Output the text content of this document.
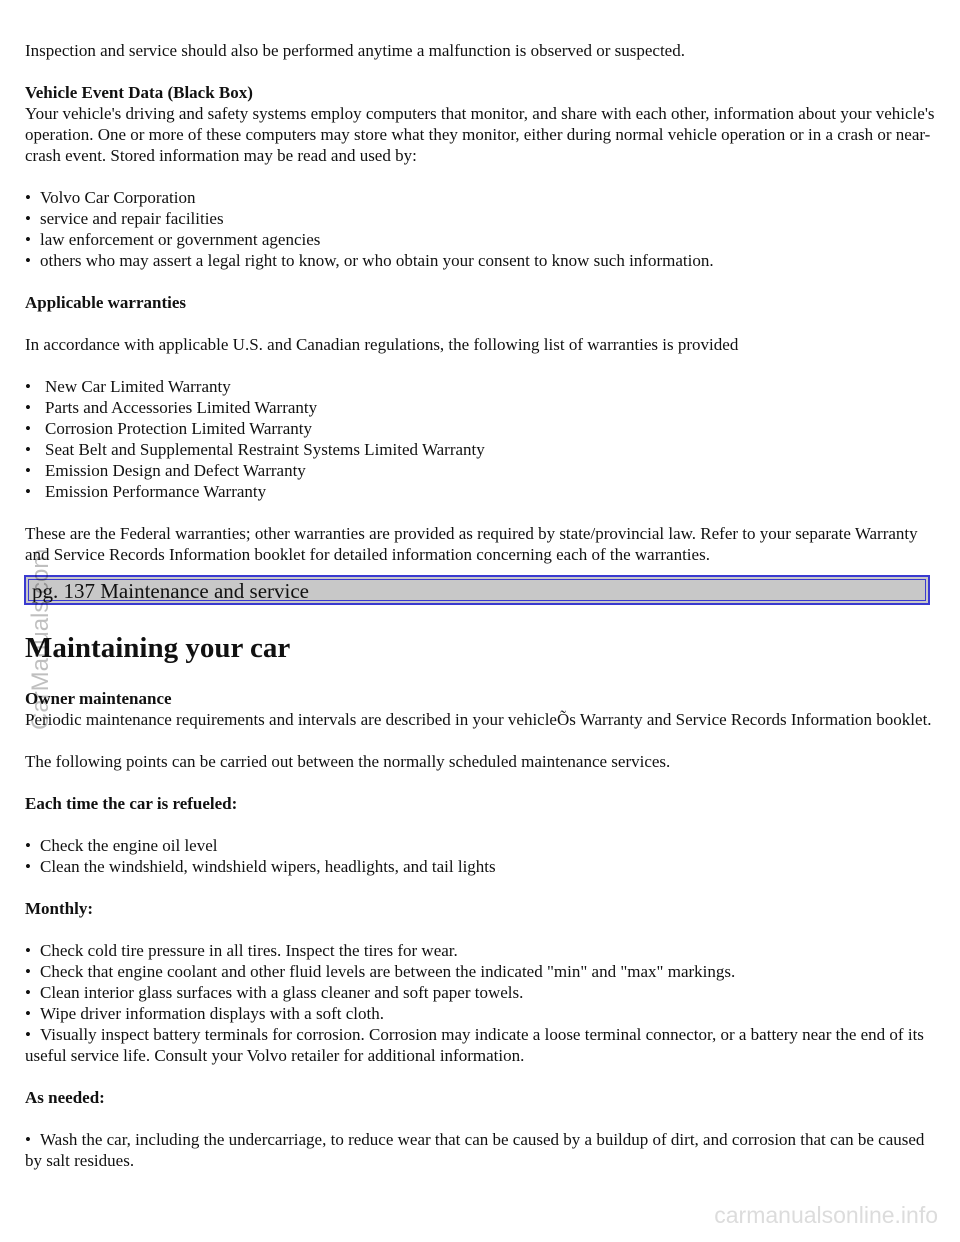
Inspection and service should also be performed anytime a malfunction is observed or suspected.

Vehicle Event Data (Black Box)

Your vehicle's driving and safety systems employ computers that monitor, and share with each other, information about your vehicle's operation. One or more of these computers may store what they monitor, either during normal vehicle operation or in a crash or near-crash event. Stored information may be read and used by:

• Volvo Car Corporation
• service and repair facilities
• law enforcement or government agencies
• others who may assert a legal right to know, or who obtain your consent to know such information.

Applicable warranties

In accordance with applicable U.S. and Canadian regulations, the following list of warranties is provided

• New Car Limited Warranty
• Parts and Accessories Limited Warranty
• Corrosion Protection Limited Warranty
• Seat Belt and Supplemental Restraint Systems Limited Warranty
• Emission Design and Defect Warranty
• Emission Performance Warranty

These are the Federal warranties; other warranties are provided as required by state/provincial law. Refer to your separate Warranty and Service Records Information booklet for detailed information concerning each of the warranties.

pg. 137 Maintenance and service
Maintaining your car

Owner maintenance

Periodic maintenance requirements and intervals are described in your vehicleÕs Warranty and Service Records Information booklet.

The following points can be carried out between the normally scheduled maintenance services.

Each time the car is refueled:

• Check the engine oil level
• Clean the windshield, windshield wipers, headlights, and tail lights

Monthly:

• Check cold tire pressure in all tires. Inspect the tires for wear.
• Check that engine coolant and other fluid levels are between the indicated "min" and "max" markings.
• Clean interior glass surfaces with a glass cleaner and soft paper towels.
• Wipe driver information displays with a soft cloth.
• Visually inspect battery terminals for corrosion. Corrosion may indicate a loose terminal connector, or a battery near the end of its useful service life. Consult your Volvo retailer for additional information.

As needed:

• Wash the car, including the undercarriage, to reduce wear that can be caused by a buildup of dirt, and corrosion that can be caused by salt residues.
CarManuals.com
carmanualsonline.info
